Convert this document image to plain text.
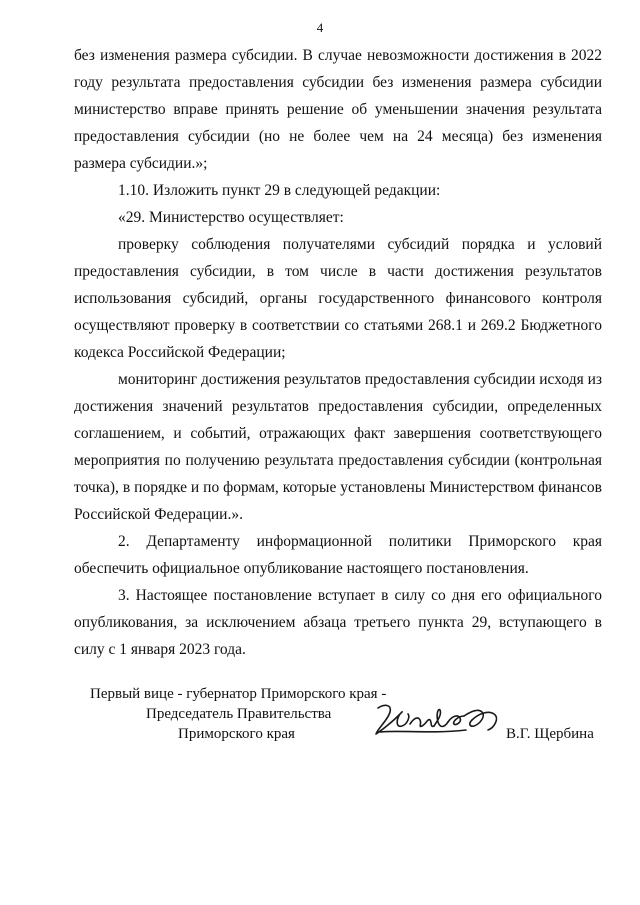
4

без изменения размера субсидии. В случае невозможности достижения в 2022 году результата предоставления субсидии без изменения размера субсидии министерство вправе принять решение об уменьшении значения результата предоставления субсидии (но не более чем на 24 месяца) без изменения размера субсидии.»;

1.10. Изложить пункт 29 в следующей редакции:

«29. Министерство осуществляет:

проверку соблюдения получателями субсидий порядка и условий предоставления субсидии, в том числе в части достижения результатов использования субсидий, органы государственного финансового контроля осуществляют проверку в соответствии со статьями 268.1 и 269.2 Бюджетного кодекса Российской Федерации;

мониторинг достижения результатов предоставления субсидии исходя из достижения значений результатов предоставления субсидии, определенных соглашением, и событий, отражающих факт завершения соответствующего мероприятия по получению результата предоставления субсидии (контрольная точка), в порядке и по формам, которые установлены Министерством финансов Российской Федерации.».

2. Департаменту информационной политики Приморского края обеспечить официальное опубликование настоящего постановления.

3. Настоящее постановление вступает в силу со дня его официального опубликования, за исключением абзаца третьего пункта 29, вступающего в силу с 1 января 2023 года.

Первый вице - губернатор Приморского края -
Председатель Правительства
Приморского края	В.Г. Щербина
